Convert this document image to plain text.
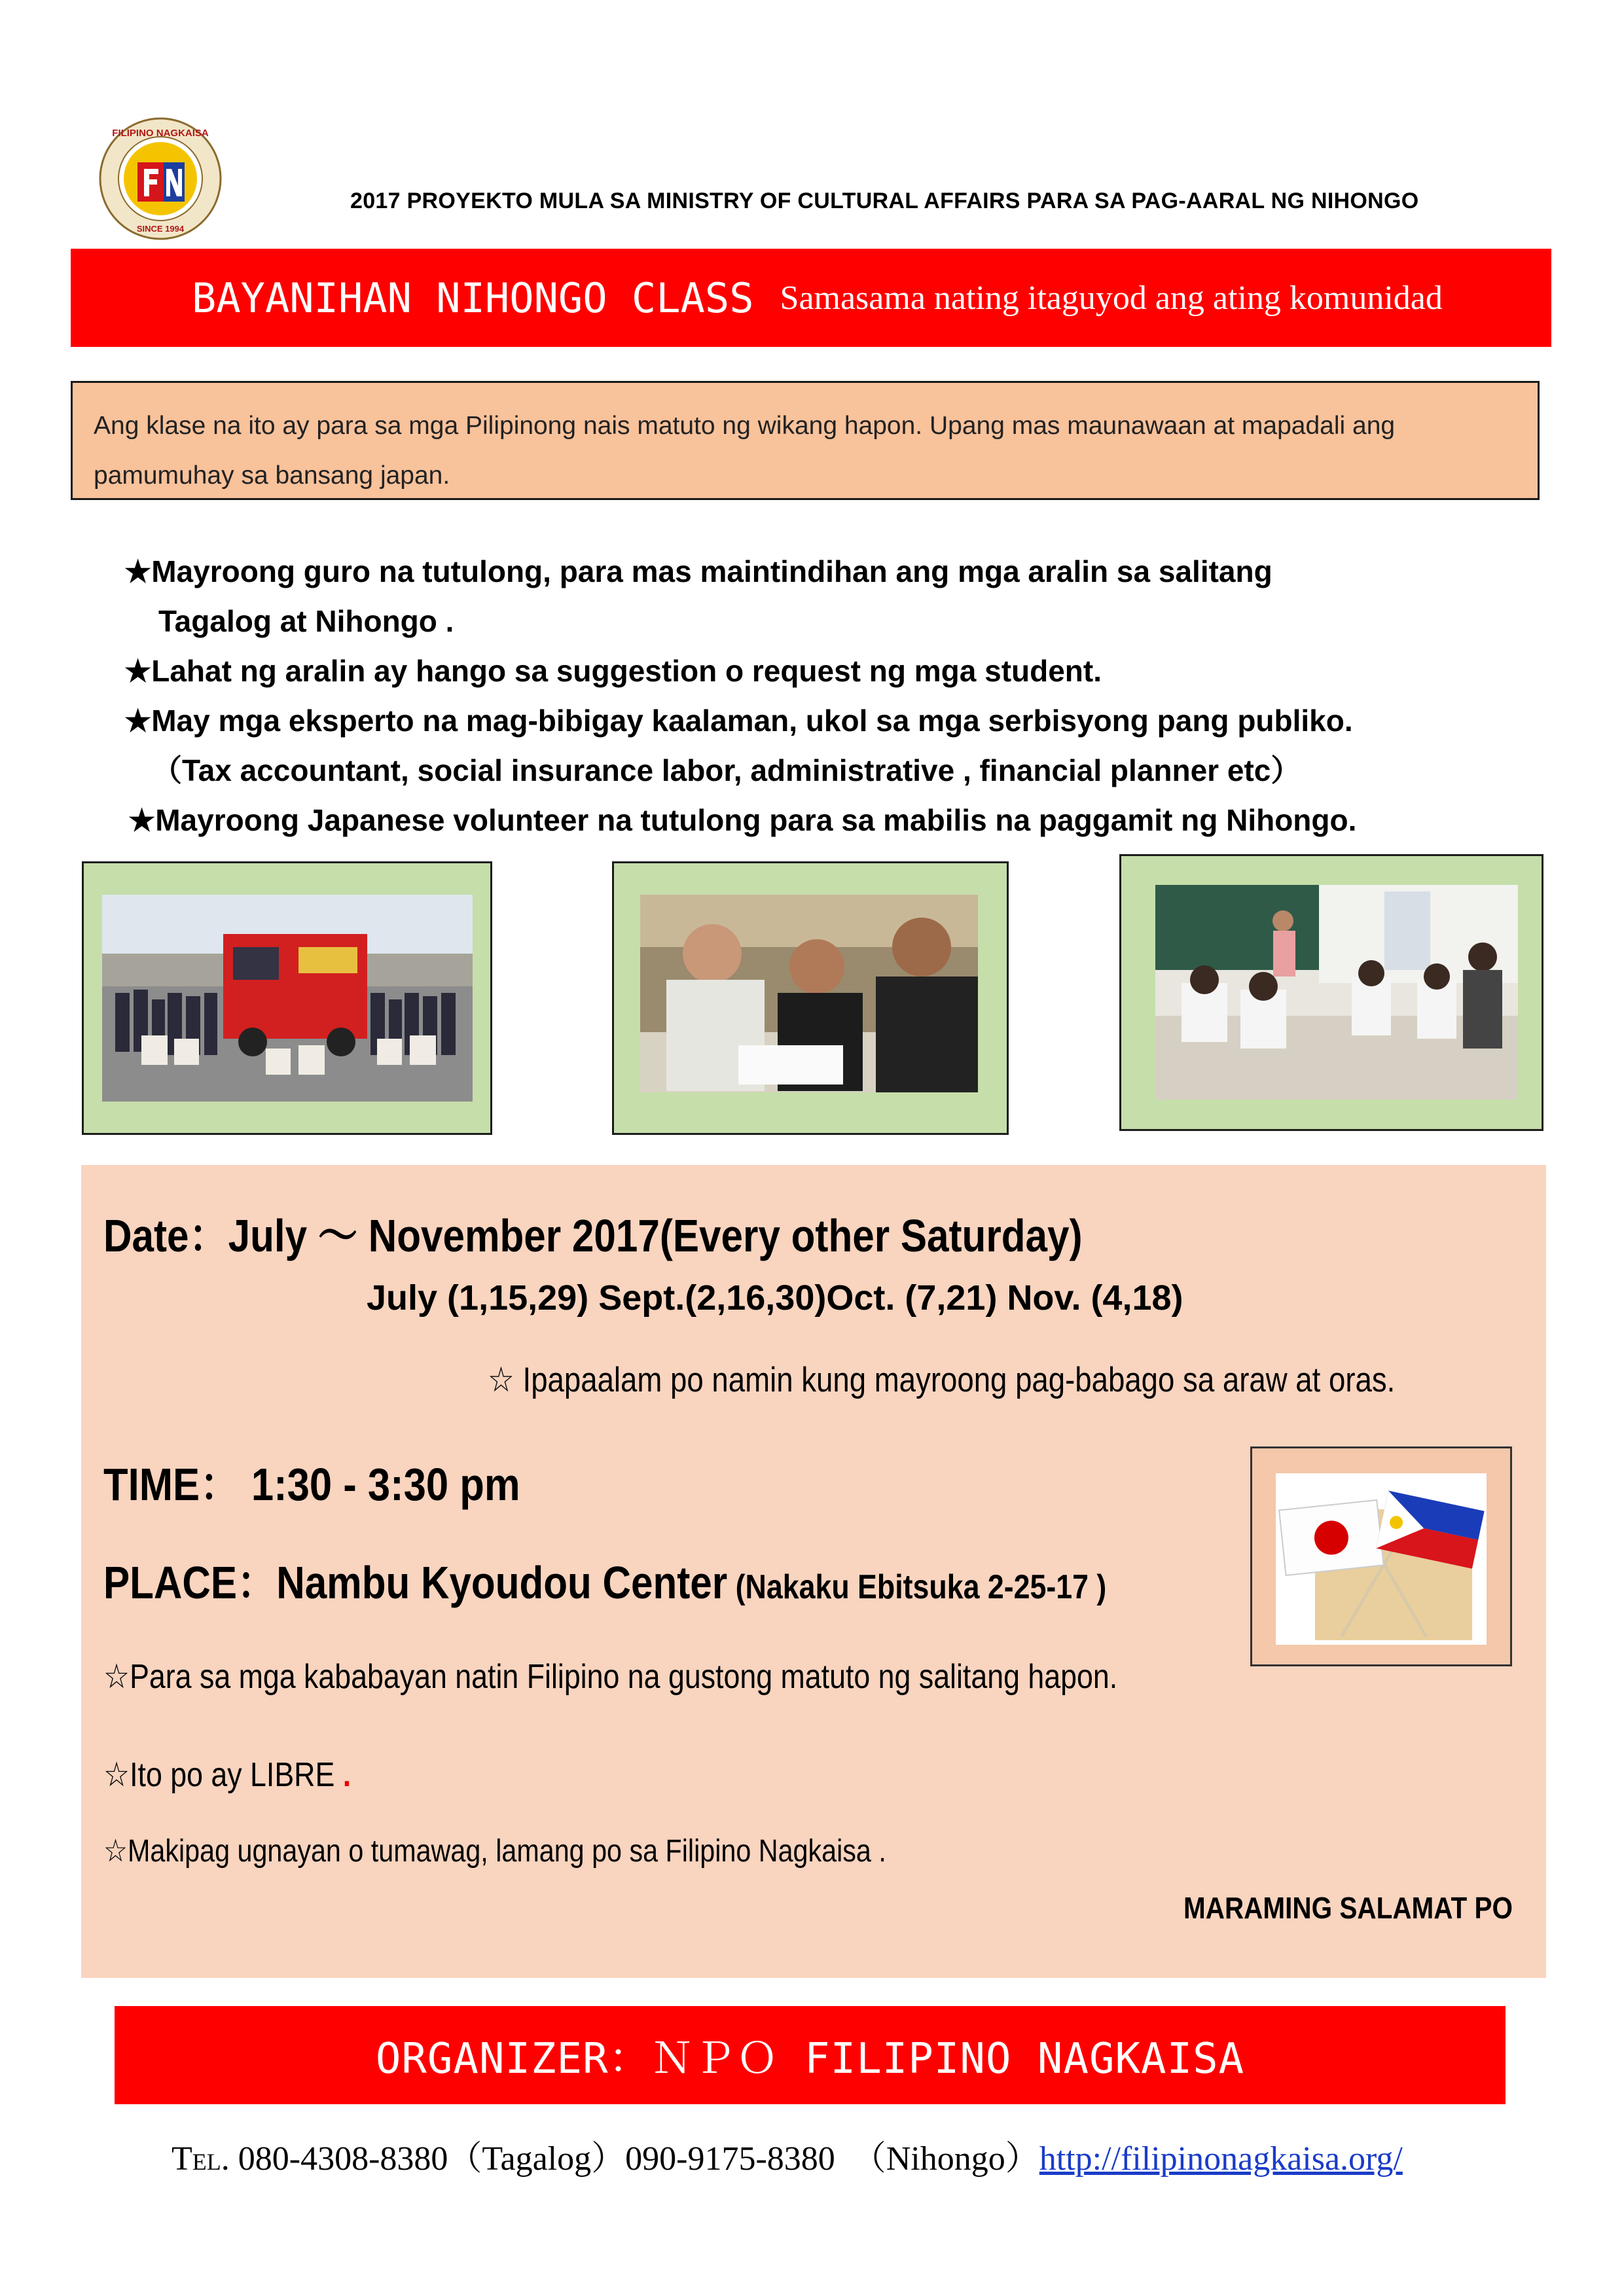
FILIPINO NAGKAISA
SINCE 1994
2017 PROYEKTO MULA SA MINISTRY OF CULTURAL AFFAIRS PARA SA PAG-AARAL NG NIHONGO
BAYANIHAN NIHONGO CLASS Samasama nating itaguyod ang ating komunidad
Ang klase na ito ay para sa mga Pilipinong nais matuto ng wikang hapon. Upang mas maunawaan at mapadali ang pamumuhay sa bansang japan.
★Mayroong guro na tutulong, para mas maintindihan ang mga aralin sa salitang
Tagalog at Nihongo .
★Lahat ng aralin ay hango sa suggestion o request ng mga student.
★May mga eksperto na mag-bibigay kaalaman, ukol sa mga serbisyong pang publiko.
（Tax accountant, social insurance labor, administrative , financial planner etc）
★Mayroong Japanese volunteer na tutulong para sa mabilis na paggamit ng Nihongo.
Date：July ～ November 2017(Every other Saturday)
July (1,15,29) Sept.(2,16,30)Oct. (7,21) Nov. (4,18)
☆ Ipapaalam po namin kung mayroong pag-babago sa araw at oras.
TIME： 1:30 - 3:30 pm
PLACE：Nambu Kyoudou Center (Nakaku Ebitsuka 2-25-17 )
☆Para sa mga kababayan natin Filipino na gustong matuto ng salitang hapon.
☆Ito po ay LIBRE .
☆Makipag ugnayan o tumawag, lamang po sa Filipino Nagkaisa .
MARAMING SALAMAT PO
ORGANIZER：ＮＰＯ FILIPINO NAGKAISA
Tel. 080-4308-8380（Tagalog）090-9175-8380　（Nihongo）http://filipinonagkaisa.org/
